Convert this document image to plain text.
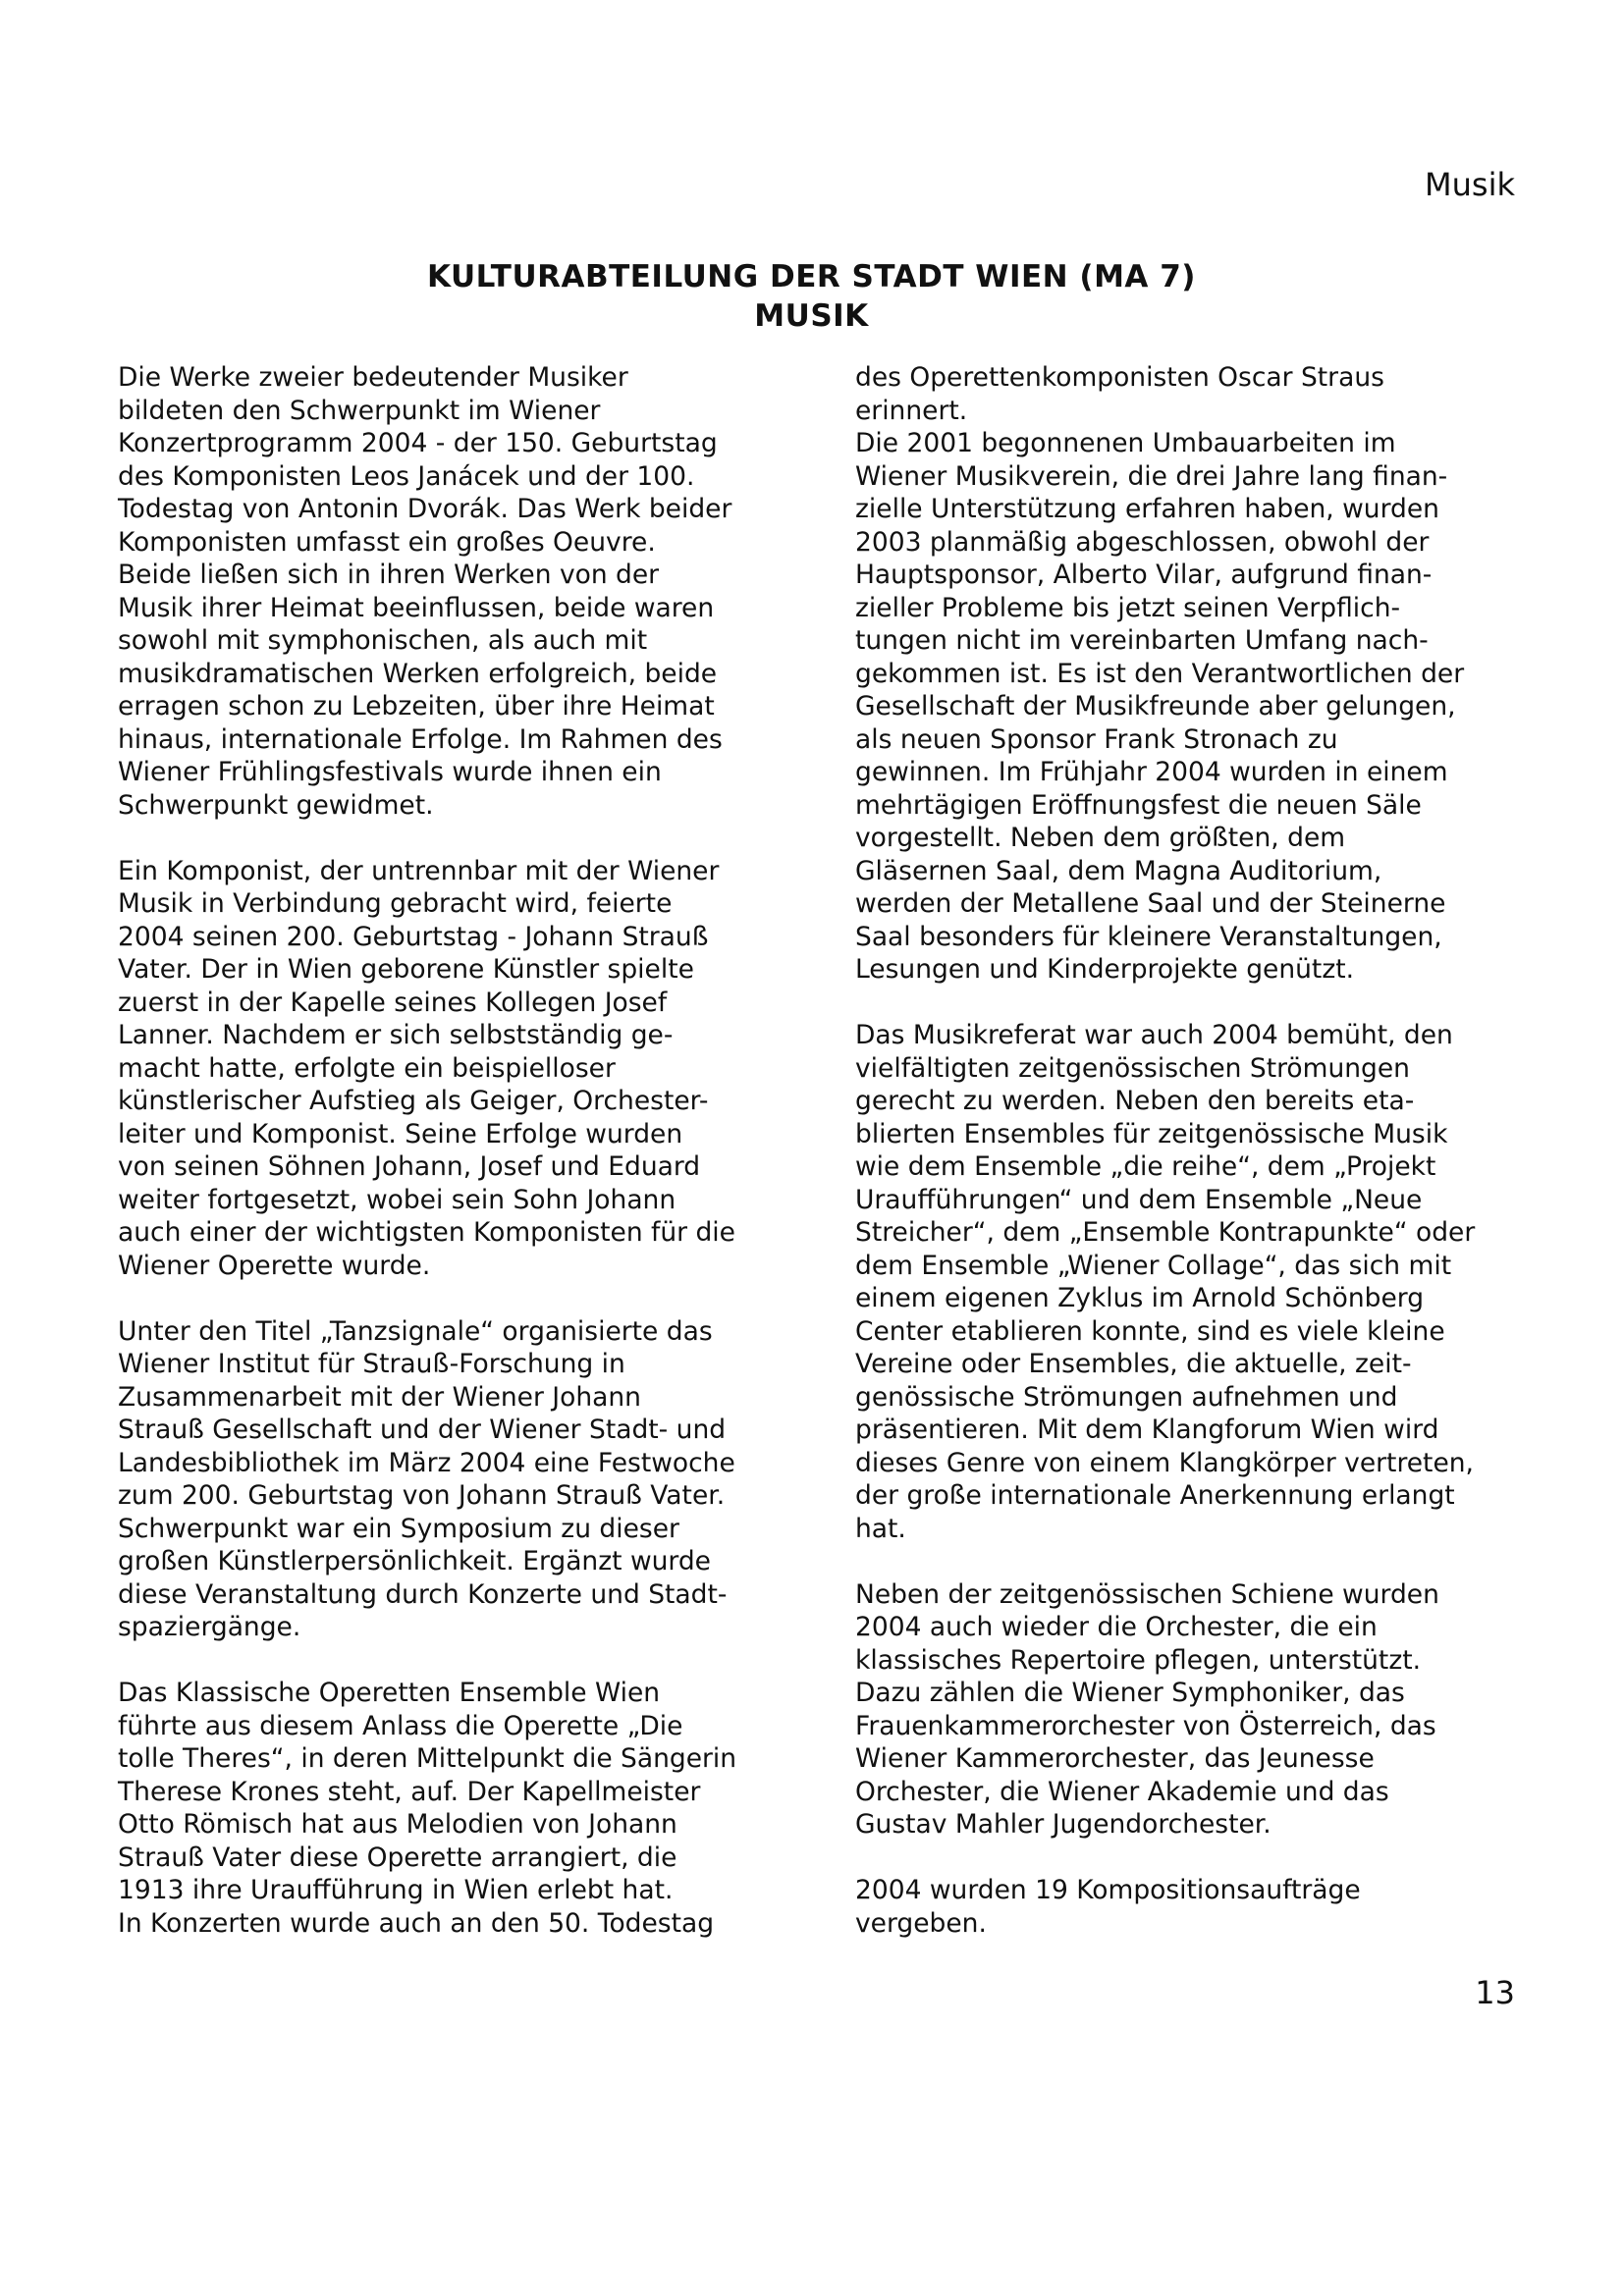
Musik
KULTURABTEILUNG DER STADT WIEN (MA 7)
MUSIK

Die Werke zweier bedeutender Musiker
bildeten den Schwerpunkt im Wiener
Konzertprogramm 2004 - der 150. Geburtstag
des Komponisten Leos Janácek und der 100.
Todestag von Antonin Dvorák. Das Werk beider
Komponisten umfasst ein großes Oeuvre.
Beide ließen sich in ihren Werken von der
Musik ihrer Heimat beeinflussen, beide waren
sowohl mit symphonischen, als auch mit
musikdramatischen Werken erfolgreich, beide
erragen schon zu Lebzeiten, über ihre Heimat
hinaus, internationale Erfolge. Im Rahmen des
Wiener Frühlingsfestivals wurde ihnen ein
Schwerpunkt gewidmet.

Ein Komponist, der untrennbar mit der Wiener
Musik in Verbindung gebracht wird, feierte
2004 seinen 200. Geburtstag - Johann Strauß
Vater. Der in Wien geborene Künstler spielte
zuerst in der Kapelle seines Kollegen Josef
Lanner. Nachdem er sich selbstständig ge-
macht hatte, erfolgte ein beispielloser
künstlerischer Aufstieg als Geiger, Orchester-
leiter und Komponist. Seine Erfolge wurden
von seinen Söhnen Johann, Josef und Eduard
weiter fortgesetzt, wobei sein Sohn Johann
auch einer der wichtigsten Komponisten für die
Wiener Operette wurde.

Unter den Titel „Tanzsignale“ organisierte das
Wiener Institut für Strauß-Forschung in
Zusammenarbeit mit der Wiener Johann
Strauß Gesellschaft und der Wiener Stadt- und
Landesbibliothek im März 2004 eine Festwoche
zum 200. Geburtstag von Johann Strauß Vater.
Schwerpunkt war ein Symposium zu dieser
großen Künstlerpersönlichkeit. Ergänzt wurde
diese Veranstaltung durch Konzerte und Stadt-
spaziergänge.

Das Klassische Operetten Ensemble Wien
führte aus diesem Anlass die Operette „Die
tolle Theres“, in deren Mittelpunkt die Sängerin
Therese Krones steht, auf. Der Kapellmeister
Otto Römisch hat aus Melodien von Johann
Strauß Vater diese Operette arrangiert, die
1913 ihre Uraufführung in Wien erlebt hat.
In Konzerten wurde auch an den 50. Todestag

des Operettenkomponisten Oscar Straus
erinnert.

Die 2001 begonnenen Umbauarbeiten im
Wiener Musikverein, die drei Jahre lang finan-
zielle Unterstützung erfahren haben, wurden
2003 planmäßig abgeschlossen, obwohl der
Hauptsponsor, Alberto Vilar, aufgrund finan-
zieller Probleme bis jetzt seinen Verpflich-
tungen nicht im vereinbarten Umfang nach-
gekommen ist. Es ist den Verantwortlichen der
Gesellschaft der Musikfreunde aber gelungen,
als neuen Sponsor Frank Stronach zu
gewinnen. Im Frühjahr 2004 wurden in einem
mehrtägigen Eröffnungsfest die neuen Säle
vorgestellt. Neben dem größten, dem
Gläsernen Saal, dem Magna Auditorium,
werden der Metallene Saal und der Steinerne
Saal besonders für kleinere Veranstaltungen,
Lesungen und Kinderprojekte genützt.

Das Musikreferat war auch 2004 bemüht, den
vielfältigten zeitgenössischen Strömungen
gerecht zu werden. Neben den bereits eta-
blierten Ensembles für zeitgenössische Musik
wie dem Ensemble „die reihe“, dem „Projekt
Uraufführungen“ und dem Ensemble „Neue
Streicher“, dem „Ensemble Kontrapunkte“ oder
dem Ensemble „Wiener Collage“, das sich mit
einem eigenen Zyklus im Arnold Schönberg
Center etablieren konnte, sind es viele kleine
Vereine oder Ensembles, die aktuelle, zeit-
genössische Strömungen aufnehmen und
präsentieren. Mit dem Klangforum Wien wird
dieses Genre von einem Klangkörper vertreten,
der große internationale Anerkennung erlangt
hat.

Neben der zeitgenössischen Schiene wurden
2004 auch wieder die Orchester, die ein
klassisches Repertoire pflegen, unterstützt.
Dazu zählen die Wiener Symphoniker, das
Frauenkammerorchester von Österreich, das
Wiener Kammerorchester, das Jeunesse
Orchester, die Wiener Akademie und das
Gustav Mahler Jugendorchester.

2004 wurden 19 Kompositionsaufträge
vergeben.

13
